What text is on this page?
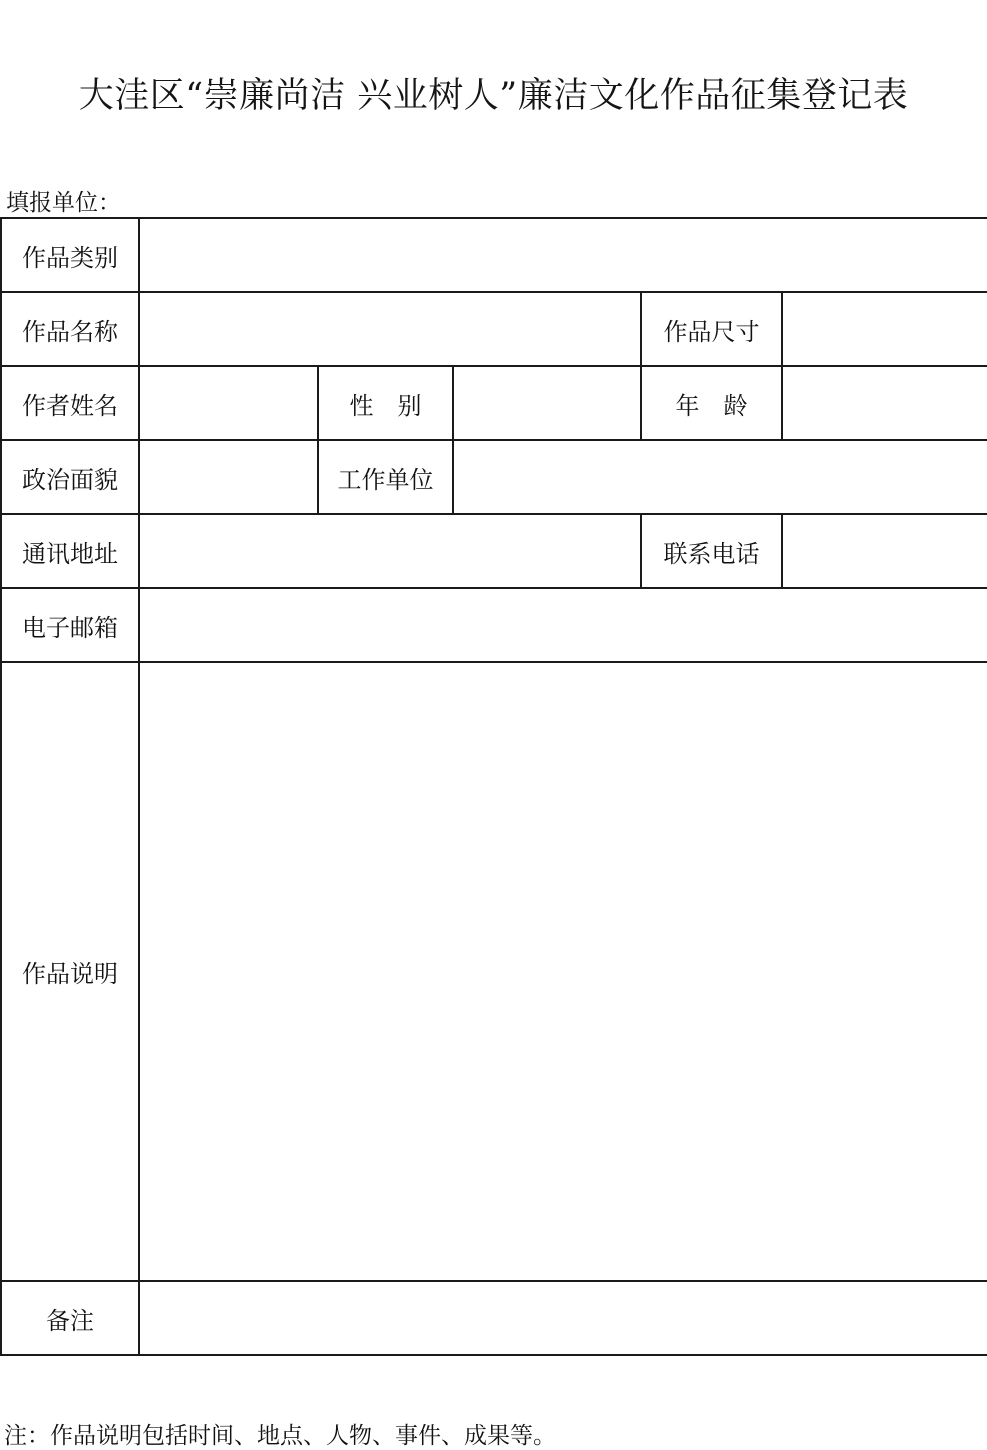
大洼区“崇廉尚洁 兴业树人”廉洁文化作品征集登记表
填报单位：
作品类别					

作品名称				作品尺寸	

作者姓名		性　别		年　龄	

政治面貌		工作单位			

通讯地址				联系电话	

电子邮箱					

作品说明					

备注					
注：作品说明包括时间、地点、人物、事件、成果等。
